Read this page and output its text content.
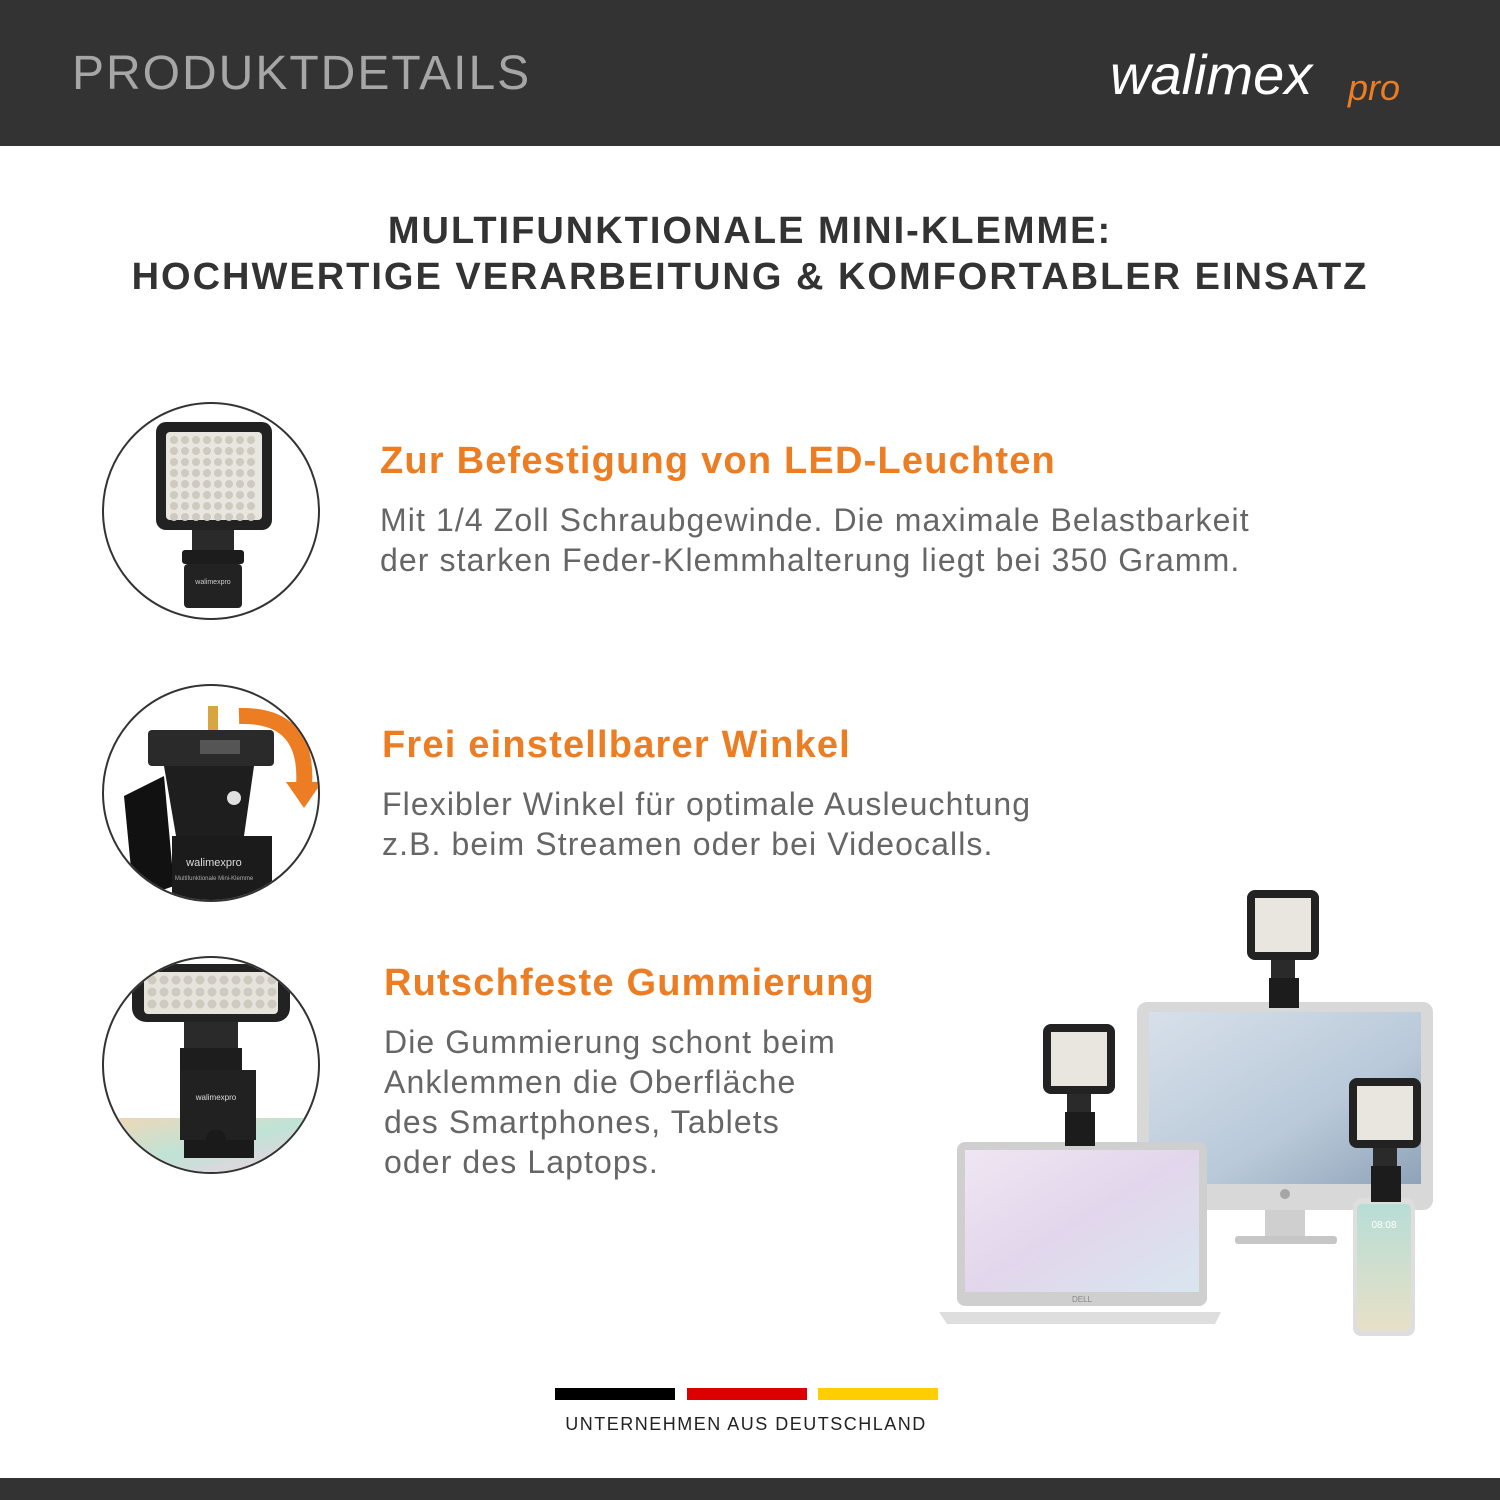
PRODUKTDETAILS	walimex pro
MULTIFUNKTIONALE MINI-KLEMME:
HOCHWERTIGE VERARBEITUNG & KOMFORTABLER EINSATZ
walimexpro
Zur Befestigung von LED-Leuchten
Mit 1/4 Zoll Schraubgewinde. Die maximale Belastbarkeit
der starken Feder-Klemmhalterung liegt bei 350 Gramm.
walimexpro
Multifunktionale Mini-Klemme
Frei einstellbarer Winkel
Flexibler Winkel für optimale Ausleuchtung
z.B. beim Streamen oder bei Videocalls.
walimexpro
Rutschfeste Gummierung
Die Gummierung schont beim
Anklemmen die Oberfläche
des Smartphones, Tablets
oder des Laptops.
DELL
08:08
UNTERNEHMEN AUS DEUTSCHLAND
